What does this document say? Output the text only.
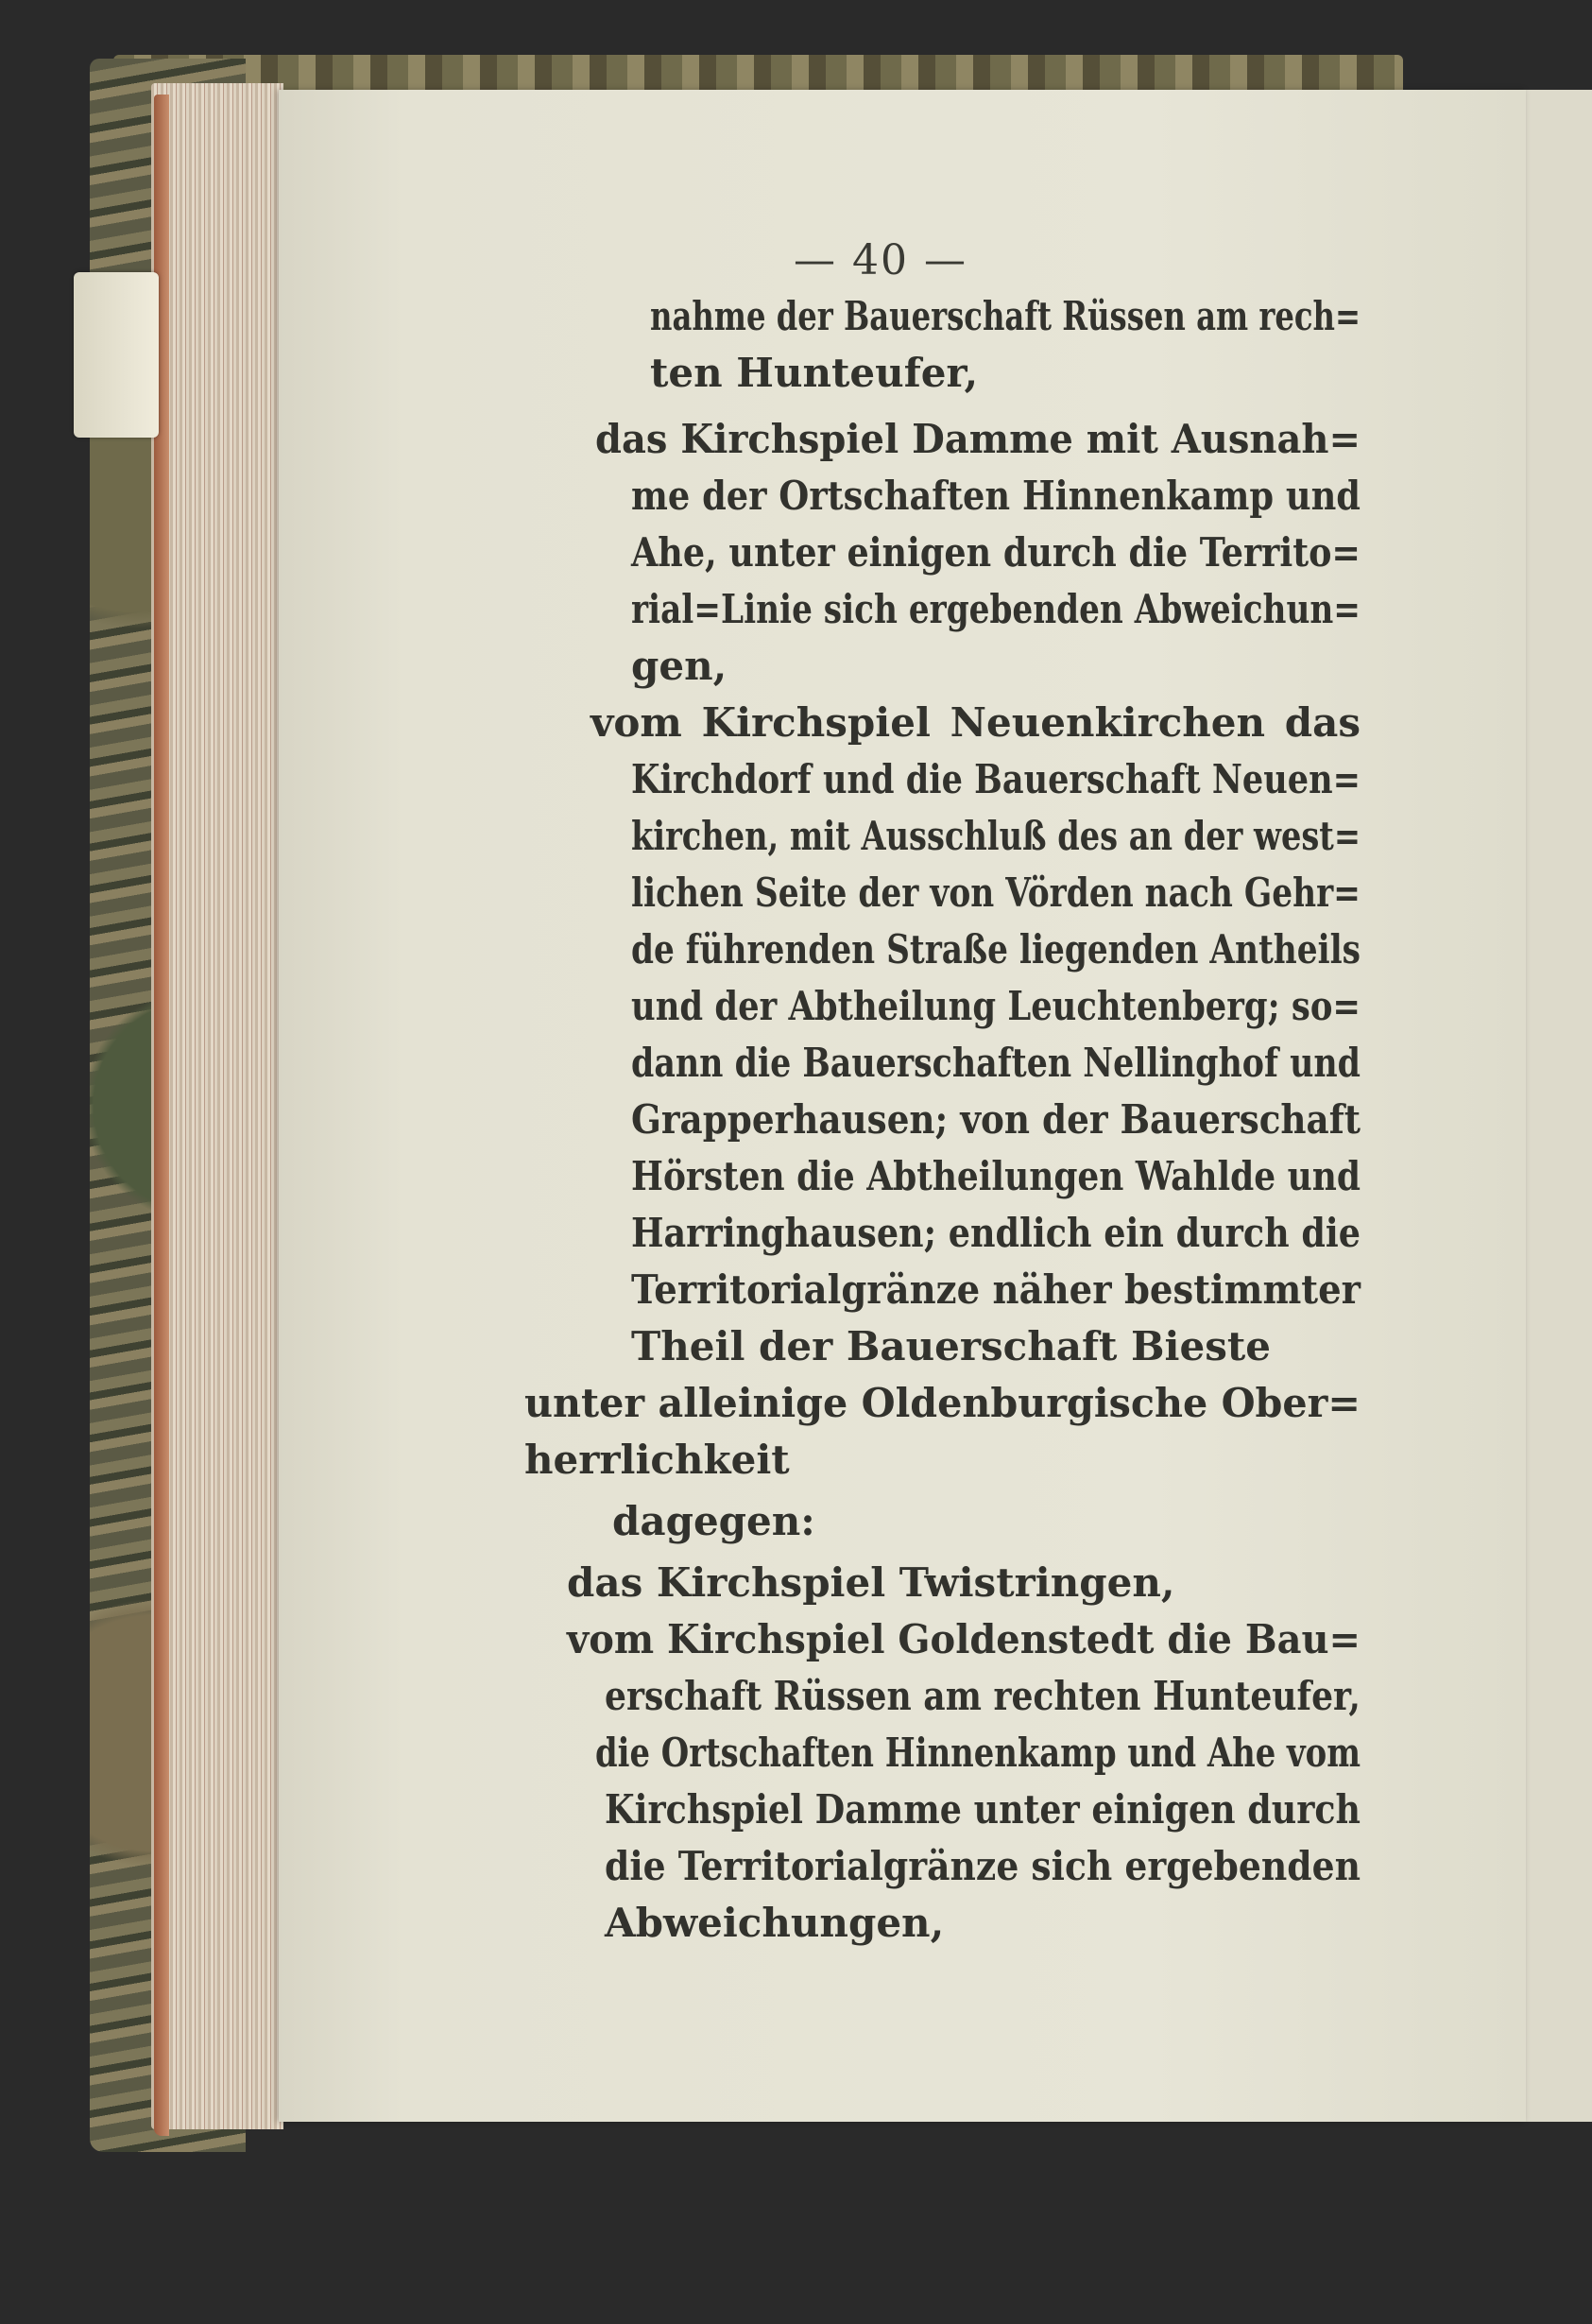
— 40 —
nahme der Bauerschaft Rüssen am rech=
ten Hunteufer,
das Kirchspiel Damme mit Ausnah=
me der Ortschaften Hinnenkamp und
Ahe, unter einigen durch die Territo=
rial=Linie sich ergebenden Abweichun=
gen,
vom Kirchspiel Neuenkirchen das
Kirchdorf und die Bauerschaft Neuen=
kirchen, mit Ausschluß des an der west=
lichen Seite der von Vörden nach Gehr=
de führenden Straße liegenden Antheils
und der Abtheilung Leuchtenberg; so=
dann die Bauerschaften Nellinghof und
Grapperhausen; von der Bauerschaft
Hörsten die Abtheilungen Wahlde und
Harringhausen; endlich ein durch die
Territorialgränze näher bestimmter
Theil der Bauerschaft Bieste
unter alleinige Oldenburgische Ober=
herrlichkeit
dagegen:
das Kirchspiel Twistringen,
vom Kirchspiel Goldenstedt die Bau=
erschaft Rüssen am rechten Hunteufer,
die Ortschaften Hinnenkamp und Ahe vom
Kirchspiel Damme unter einigen durch
die Territorialgränze sich ergebenden
Abweichungen,
